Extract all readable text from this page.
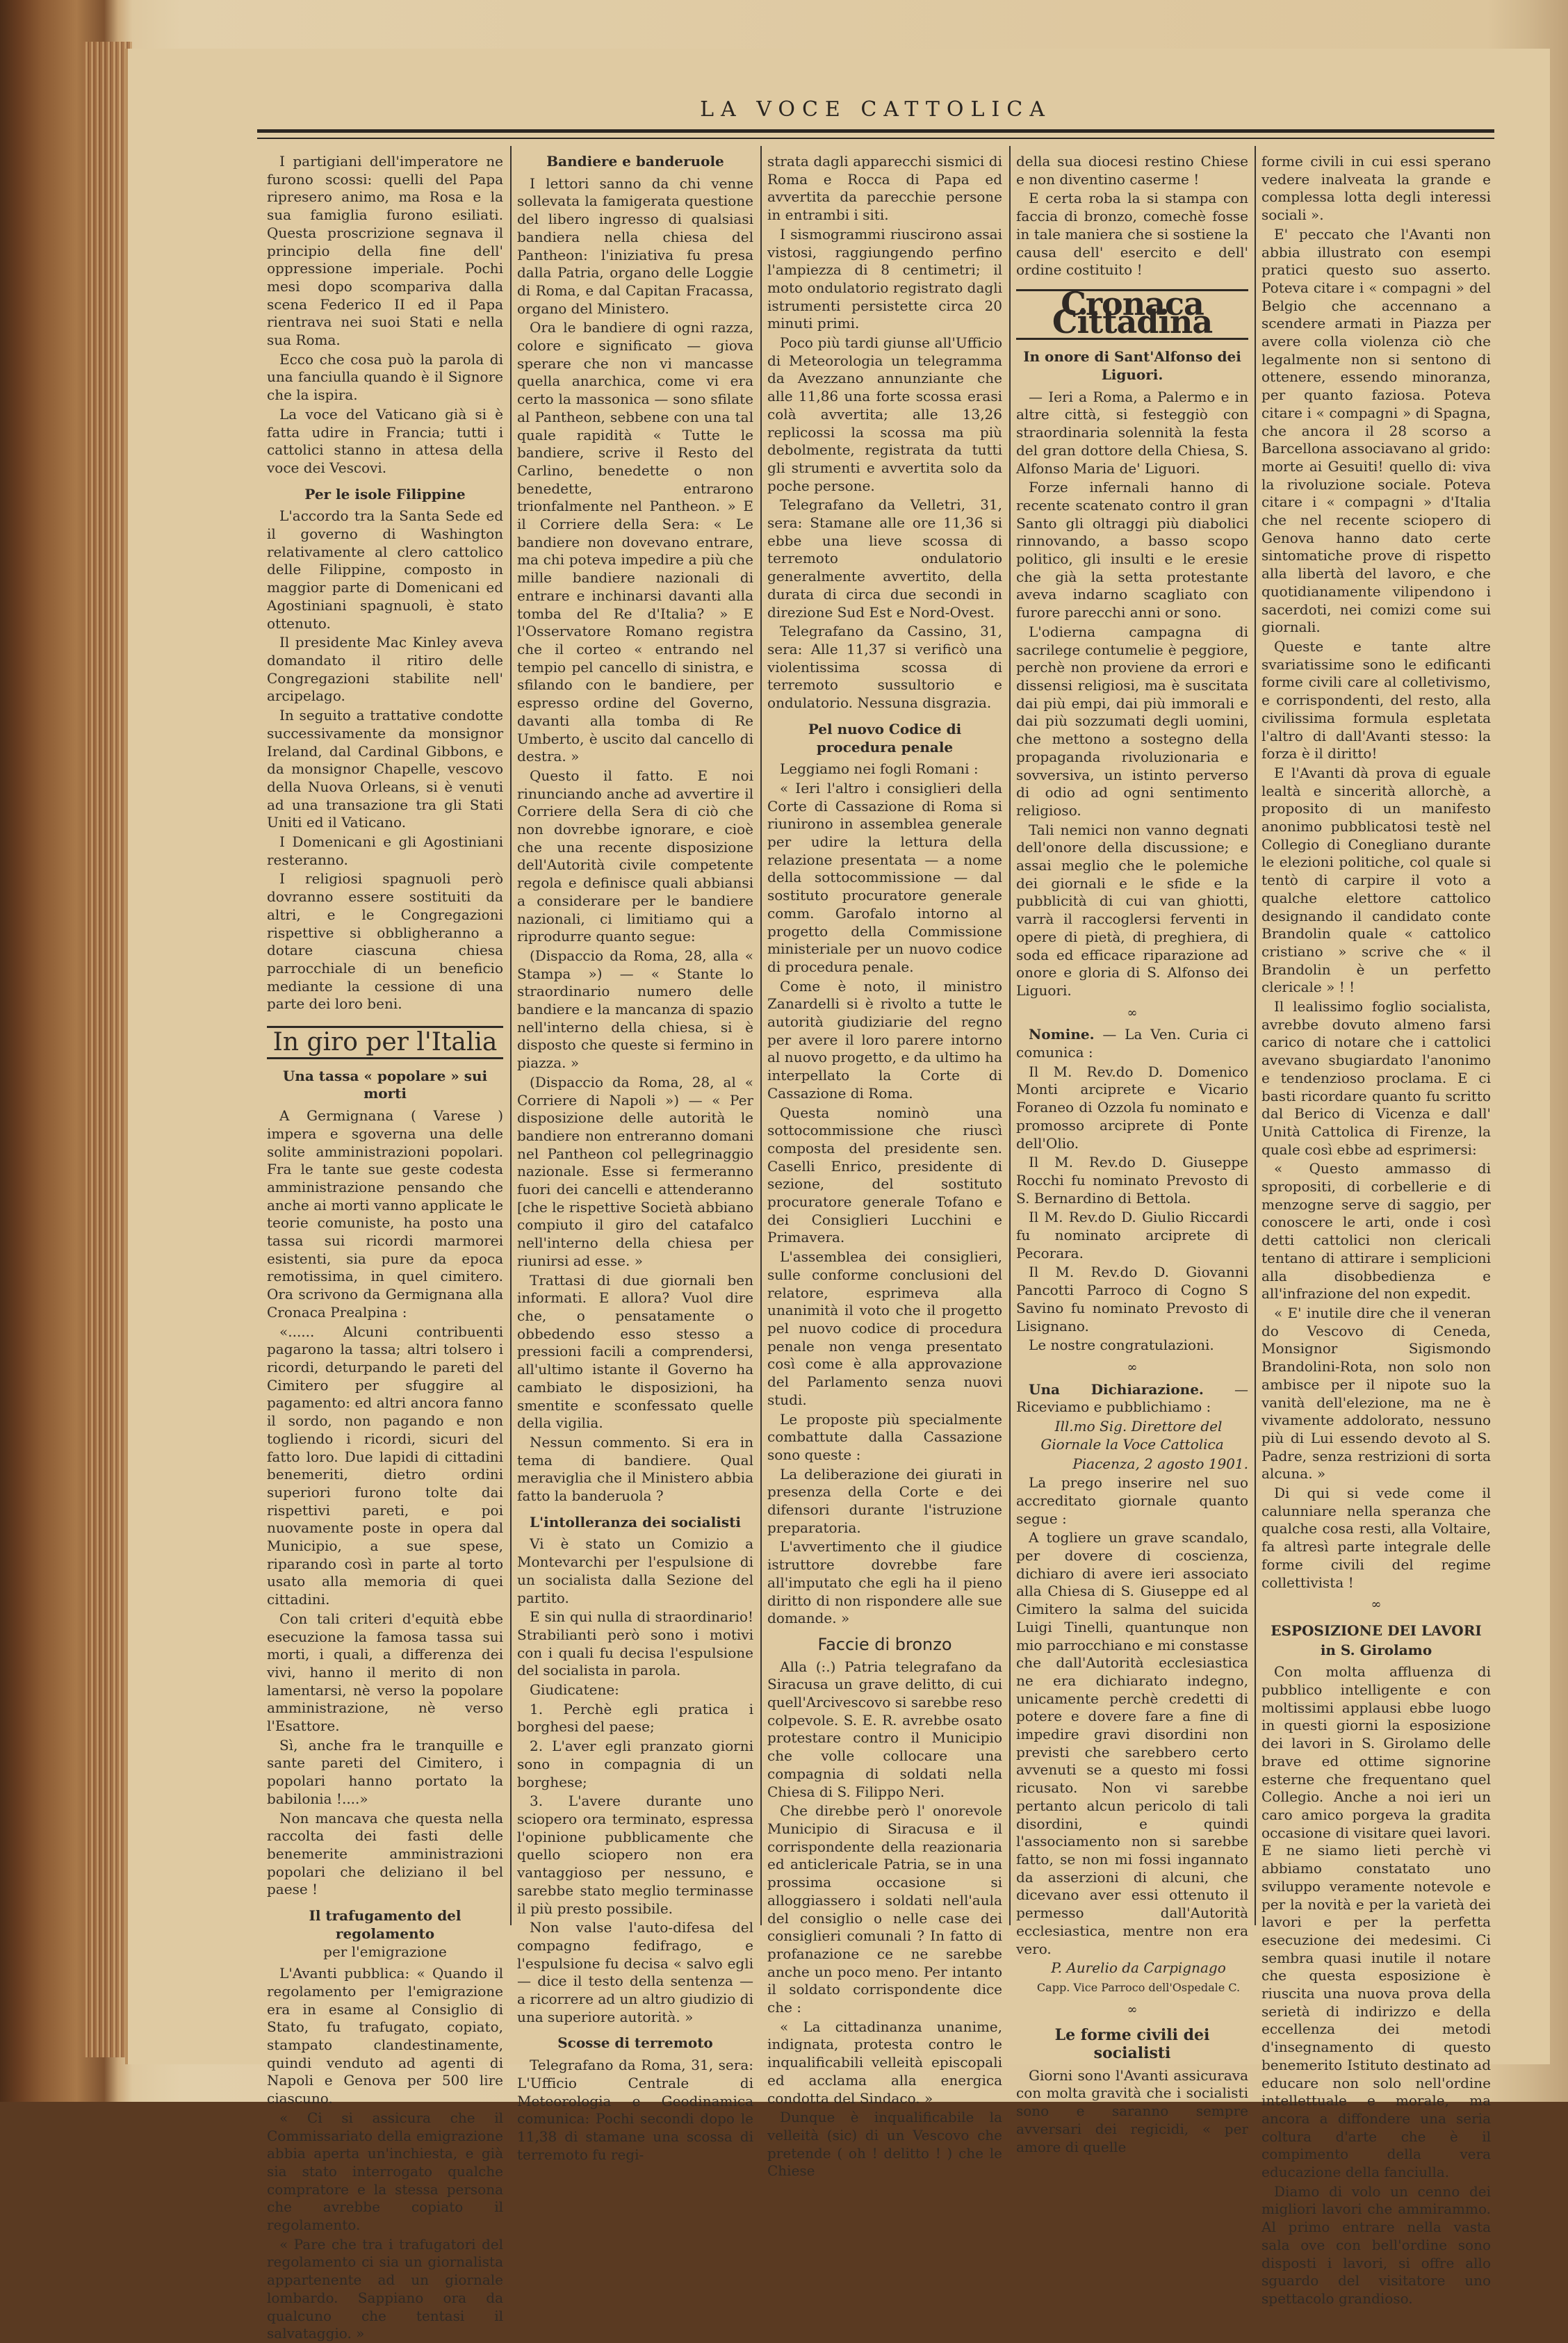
LA VOCE CATTOLICA

I partigiani dell'imperatore ne furono scossi: quelli del Papa ripresero animo, ma Rosa e la sua famiglia furono esiliati. Questa proscrizione segnava il principio della fine dell' oppressione imperiale. Pochi mesi dopo scompariva dalla scena Federico II ed il Papa rientrava nei suoi Stati e nella sua Roma.

Ecco che cosa può la parola di una fanciulla quando è il Signore che la ispira.

La voce del Vaticano già si è fatta udire in Francia; tutti i cattolici stanno in attesa della voce dei Vescovi.

Per le isole Filippine

L'accordo tra la Santa Sede ed il governo di Washington relativamente al clero cattolico delle Filippine, composto in maggior parte di Domenicani ed Agostiniani spagnuoli, è stato ottenuto.

Il presidente Mac Kinley aveva domandato il ritiro delle Congregazioni stabilite nell' arcipelago.

In seguito a trattative condotte successivamente da monsignor Ireland, dal Cardinal Gibbons, e da monsignor Chapelle, vescovo della Nuova Orleans, si è venuti ad una transazione tra gli Stati Uniti ed il Vaticano.

I Domenicani e gli Agostiniani resteranno.

I religiosi spagnuoli però dovranno essere sostituiti da altri, e le Congregazioni rispettive si obbligheranno a dotare ciascuna chiesa parrocchiale di un beneficio mediante la cessione di una parte dei loro beni.

In giro per l'Italia
Una tassa « popolare » sui morti

A Germignana ( Varese ) impera e sgoverna una delle solite amministrazioni popolari. Fra le tante sue geste codesta amministrazione pensando che anche ai morti vanno applicate le teorie comuniste, ha posto una tassa sui ricordi marmorei esistenti, sia pure da epoca remotissima, in quel cimitero. Ora scrivono da Germignana alla Cronaca Prealpina :

«...... Alcuni contribuenti pagarono la tassa; altri tolsero i ricordi, deturpando le pareti del Cimitero per sfuggire al pagamento: ed altri ancora fanno il sordo, non pagando e non togliendo i ricordi, sicuri del fatto loro. Due lapidi di cittadini benemeriti, dietro ordini superiori furono tolte dai rispettivi pareti, e poi nuovamente poste in opera dal Municipio, a sue spese, riparando così in parte al torto usato alla memoria di quei cittadini.

Con tali criteri d'equità ebbe esecuzione la famosa tassa sui morti, i quali, a differenza dei vivi, hanno il merito di non lamentarsi, nè verso la popolare amministrazione, nè verso l'Esattore.

Sì, anche fra le tranquille e sante pareti del Cimitero, i popolari hanno portato la babilonia !....»

Non mancava che questa nella raccolta dei fasti delle benemerite amministrazioni popolari che deliziano il bel paese !

Il trafugamento del regolamento
per l'emigrazione

L'Avanti pubblica: « Quando il regolamento per l'emigrazione era in esame al Consiglio di Stato, fu trafugato, copiato, stampato clandestinamente, quindi venduto ad agenti di Napoli e Genova per 500 lire ciascuno.

« Ci si assicura che il Commissariato della emigrazione abbia aperta un'inchiesta, e già sia stato interrogato qualche compratore e la stessa persona che avrebbe copiato il regolamento.

« Pare che tra i trafugatori del regolamento ci sia un giornalista appartenente ad un giornale lombardo. Sappiano ora da qualcuno che tentasi il salvataggio. »

Bandiere e banderuole

I lettori sanno da chi venne sollevata la famigerata questione del libero ingresso di qualsiasi bandiera nella chiesa del Pantheon: l'iniziativa fu presa dalla Patria, organo delle Loggie di Roma, e dal Capitan Fracassa, organo del Ministero.

Ora le bandiere di ogni razza, colore e significato — giova sperare che non vi mancasse quella anarchica, come vi era certo la massonica — sono sfilate al Pantheon, sebbene con una tal quale rapidità « Tutte le bandiere, scrive il Resto del Carlino, benedette o non benedette, entrarono trionfalmente nel Pantheon. » E il Corriere della Sera: « Le bandiere non dovevano entrare, ma chi poteva impedire a più che mille bandiere nazionali di entrare e inchinarsi davanti alla tomba del Re d'Italia? » E l'Osservatore Romano registra che il corteo « entrando nel tempio pel cancello di sinistra, e sfilando con le bandiere, per espresso ordine del Governo, davanti alla tomba di Re Umberto, è uscito dal cancello di destra. »

Questo il fatto. E noi rinunciando anche ad avvertire il Corriere della Sera di ciò che non dovrebbe ignorare, e cioè che una recente disposizione dell'Autorità civile competente regola e definisce quali abbiansi a considerare per le bandiere nazionali, ci limitiamo qui a riprodurre quanto segue:

(Dispaccio da Roma, 28, alla « Stampa ») — « Stante lo straordinario numero delle bandiere e la mancanza di spazio nell'interno della chiesa, si è disposto che queste si fermino in piazza. »

(Dispaccio da Roma, 28, al « Corriere di Napoli ») — « Per disposizione delle autorità le bandiere non entreranno domani nel Pantheon col pellegrinaggio nazionale. Esse si fermeranno fuori dei cancelli e attenderanno [che le rispettive Società abbiano compiuto il giro del catafalco nell'interno della chiesa per riunirsi ad esse. »

Trattasi di due giornali ben informati. E allora? Vuol dire che, o pensatamente o obbedendo esso stesso a pressioni facili a comprendersi, all'ultimo istante il Governo ha cambiato le disposizioni, ha smentite e sconfessato quelle della vigilia.

Nessun commento. Si era in tema di bandiere. Qual meraviglia che il Ministero abbia fatto la banderuola ?

L'intolleranza dei socialisti

Vi è stato un Comizio a Montevarchi per l'espulsione di un socialista dalla Sezione del partito.

E sin qui nulla di straordinario! Strabilianti però sono i motivi con i quali fu decisa l'espulsione del socialista in parola.

Giudicatene:

1. Perchè egli pratica i borghesi del paese;

2. L'aver egli pranzato giorni sono in compagnia di un borghese;

3. L'avere durante uno sciopero ora terminato, espressa l'opinione pubblicamente che quello sciopero non era vantaggioso per nessuno, e sarebbe stato meglio terminasse il più presto possibile.

Non valse l'auto-difesa del compagno fedifrago, e l'espulsione fu decisa « salvo egli — dice il testo della sentenza — a ricorrere ad un altro giudizio di una superiore autorità. »

Scosse di terremoto

Telegrafano da Roma, 31, sera: L'Ufficio Centrale di Meteorologia e Geodinamica comunica: Pochi secondi dopo le 11,38 di stamane una scossa di terremoto fu regi-

strata dagli apparecchi sismici di Roma e Rocca di Papa ed avvertita da parecchie persone in entrambi i siti.

I sismogrammi riuscirono assai vistosi, raggiungendo perfino l'ampiezza di 8 centimetri; il moto ondulatorio registrato dagli istrumenti persistette circa 20 minuti primi.

Poco più tardi giunse all'Ufficio di Meteorologia un telegramma da Avezzano annunziante che alle 11,86 una forte scossa erasi colà avvertita; alle 13,26 replicossi la scossa ma più debolmente, registrata da tutti gli strumenti e avvertita solo da poche persone.

Telegrafano da Velletri, 31, sera: Stamane alle ore 11,36 si ebbe una lieve scossa di terremoto ondulatorio generalmente avvertito, della durata di circa due secondi in direzione Sud Est e Nord-Ovest.

Telegrafano da Cassino, 31, sera: Alle 11,37 si verificò una violentissima scossa di terremoto sussultorio e ondulatorio. Nessuna disgrazia.

Pel nuovo Codice di procedura penale

Leggiamo nei fogli Romani :

« Ieri l'altro i consiglieri della Corte di Cassazione di Roma si riunirono in assemblea generale per udire la lettura della relazione presentata — a nome della sottocommissione — dal sostituto procuratore generale comm. Garofalo intorno al progetto della Commissione ministeriale per un nuovo codice di procedura penale.

Come è noto, il ministro Zanardelli si è rivolto a tutte le autorità giudiziarie del regno per avere il loro parere intorno al nuovo progetto, e da ultimo ha interpellato la Corte di Cassazione di Roma.

Questa nominò una sottocommissione che riuscì composta del presidente sen. Caselli Enrico, presidente di sezione, del sostituto procuratore generale Tofano e dei Consiglieri Lucchini e Primavera.

L'assemblea dei consiglieri, sulle conforme conclusioni del relatore, esprimeva alla unanimità il voto che il progetto pel nuovo codice di procedura penale non venga presentato così come è alla approvazione del Parlamento senza nuovi studi.

Le proposte più specialmente combattute dalla Cassazione sono queste :

La deliberazione dei giurati in presenza della Corte e dei difensori durante l'istruzione preparatoria.

L'avvertimento che il giudice istruttore dovrebbe fare all'imputato che egli ha il pieno diritto di non rispondere alle sue domande. »

Faccie di bronzo

Alla (:.) Patria telegrafano da Siracusa un grave delitto, di cui quell'Arcivescovo si sarebbe reso colpevole. S. E. R. avrebbe osato protestare contro il Municipio che volle collocare una compagnia di soldati nella Chiesa di S. Filippo Neri.

Che direbbe però l' onorevole Municipio di Siracusa e il corrispondente della reazionaria ed anticlericale Patria, se in una prossima occasione si alloggiassero i soldati nell'aula del consiglio o nelle case dei consiglieri comunali ? In fatto di profanazione ce ne sarebbe anche un poco meno. Per intanto il soldato corrispondente dice che :

« La cittadinanza unanime, indignata, protesta contro le inqualificabili velleità episcopali ed acclama alla energica condotta del Sindaco. »

Dunque è inqualificabile la velleità (sic) di un Vescovo che pretende ( oh ! delitto ! ) che le Chiese

della sua diocesi restino Chiese e non diventino caserme !

E certa roba la si stampa con faccia di bronzo, comechè fosse in tale maniera che si sostiene la causa dell' esercito e dell' ordine costituito !

Cronaca Cittadina
In onore di Sant'Alfonso dei Liguori.

— Ieri a Roma, a Palermo e in altre città, si festeggiò con straordinaria solennità la festa del gran dottore della Chiesa, S. Alfonso Maria de' Liguori.

Forze infernali hanno di recente scatenato contro il gran Santo gli oltraggi più diabolici rinnovando, a basso scopo politico, gli insulti e le eresie che già la setta protestante aveva indarno scagliato con furore parecchi anni or sono.

L'odierna campagna di sacrilege contumelie è peggiore, perchè non proviene da errori e dissensi religiosi, ma è suscitata dai più empi, dai più immorali e dai più sozzumati degli uomini, che mettono a sostegno della propaganda rivoluzionaria e sovversiva, un istinto perverso di odio ad ogni sentimento religioso.

Tali nemici non vanno degnati dell'onore della discussione; e assai meglio che le polemiche dei giornali e le sfide e la pubblicità di cui van ghiotti, varrà il raccoglersi ferventi in opere di pietà, di preghiera, di soda ed efficace riparazione ad onore e gloria di S. Alfonso dei Liguori.

∞

Nomine. — La Ven. Curia ci comunica :

Il M. Rev.do D. Domenico Monti arciprete e Vicario Foraneo di Ozzola fu nominato e promosso arciprete di Ponte dell'Olio.

Il M. Rev.do D. Giuseppe Rocchi fu nominato Prevosto di S. Bernardino di Bettola.

Il M. Rev.do D. Giulio Riccardi fu nominato arciprete di Pecorara.

Il M. Rev.do D. Giovanni Pancotti Parroco di Cogno S Savino fu nominato Prevosto di Lisignano.

Le nostre congratulazioni.

∞

Una Dichiarazione. — Riceviamo e pubblichiamo :

Ill.mo Sig. Direttore del Giornale la Voce Cattolica

Piacenza, 2 agosto 1901.

La prego inserire nel suo accreditato giornale quanto segue :

A togliere un grave scandalo, per dovere di coscienza, dichiaro di avere ieri associato alla Chiesa di S. Giuseppe ed al Cimitero la salma del suicida Luigi Tinelli, quantunque non mio parrocchiano e mi constasse che dall'Autorità ecclesiastica ne era dichiarato indegno, unicamente perchè credetti di potere e dovere fare a fine di impedire gravi disordini non previsti che sarebbero certo avvenuti se a questo mi fossi ricusato. Non vi sarebbe pertanto alcun pericolo di tali disordini, e quindi l'associamento non si sarebbe fatto, se non mi fossi ingannato da asserzioni di alcuni, che dicevano aver essi ottenuto il permesso dall'Autorità ecclesiastica, mentre non era vero.

P. Aurelio da Carpignago

Capp. Vice Parroco dell'Ospedale C.

∞
Le forme civili dei socialisti

Giorni sono l'Avanti assicurava con molta gravità che i socialisti sono e saranno sempre avversari dei regicidi, « per amore di quelle

forme civili in cui essi sperano vedere inalveata la grande e complessa lotta degli interessi sociali ».

E' peccato che l'Avanti non abbia illustrato con esempi pratici questo suo asserto. Poteva citare i « compagni » del Belgio che accennano a scendere armati in Piazza per avere colla violenza ciò che legalmente non si sentono di ottenere, essendo minoranza, per quanto faziosa. Poteva citare i « compagni » di Spagna, che ancora il 28 scorso a Barcellona associavano al grido: morte ai Gesuiti! quello di: viva la rivoluzione sociale. Poteva citare i « compagni » d'Italia che nel recente sciopero di Genova hanno dato certe sintomatiche prove di rispetto alla libertà del lavoro, e che quotidianamente vilipendono i sacerdoti, nei comizi come sui giornali.

Queste e tante altre svariatissime sono le edificanti forme civili care al colletivismo, e corrispondenti, del resto, alla civilissima formula espletata l'altro di dall'Avanti stesso: la forza è il diritto!

E l'Avanti dà prova di eguale lealtà e sincerità allorchè, a proposito di un manifesto anonimo pubblicatosi testè nel Collegio di Conegliano durante le elezioni politiche, col quale si tentò di carpire il voto a qualche elettore cattolico designando il candidato conte Brandolin quale « cattolico cristiano » scrive che « il Brandolin è un perfetto clericale » ! !

Il lealissimo foglio socialista, avrebbe dovuto almeno farsi carico di notare che i cattolici avevano sbugiardato l'anonimo e tendenzioso proclama. E ci basti ricordare quanto fu scritto dal Berico di Vicenza e dall' Unità Cattolica di Firenze, la quale così ebbe ad esprimersi:

« Questo ammasso di spropositi, di corbellerie e di menzogne serve di saggio, per conoscere le arti, onde i così detti cattolici non clericali tentano di attirare i semplicioni alla disobbedienza e all'infrazione del non expedit.

« E' inutile dire che il veneran do Vescovo di Ceneda, Monsignor Sigismondo Brandolini-Rota, non solo non ambisce per il nipote suo la vanità dell'elezione, ma ne è vivamente addolorato, nessuno più di Lui essendo devoto al S. Padre, senza restrizioni di sorta alcuna. »

Di qui si vede come il calunniare nella speranza che qualche cosa resti, alla Voltaire, fa altresì parte integrale delle forme civili del regime collettivista !

∞
ESPOSIZIONE DEI LAVORI
in S. Girolamo

Con molta affluenza di pubblico intelligente e con moltissimi applausi ebbe luogo in questi giorni la esposizione dei lavori in S. Girolamo delle brave ed ottime signorine esterne che frequentano quel Collegio. Anche a noi ieri un caro amico porgeva la gradita occasione di visitare quei lavori. E ne siamo lieti perchè vi abbiamo constatato uno sviluppo veramente notevole e per la novità e per la varietà dei lavori e per la perfetta esecuzione dei medesimi. Ci sembra quasi inutile il notare che questa esposizione è riuscita una nuova prova della serietà di indirizzo e della eccellenza dei metodi d'insegnamento di questo benemerito Istituto destinato ad educare non solo nell'ordine intellettuale e morale, ma ancora a diffondere una seria coltura d'arte che è il compimento della vera educazione della fanciulla.

Diamo di volo un cenno dei migliori lavori che ammirammo. Al primo entrare nella vasta sala ove con bell'ordine sono disposti i lavori, si offre allo sguardo del visitatore uno spettacolo grandioso.
